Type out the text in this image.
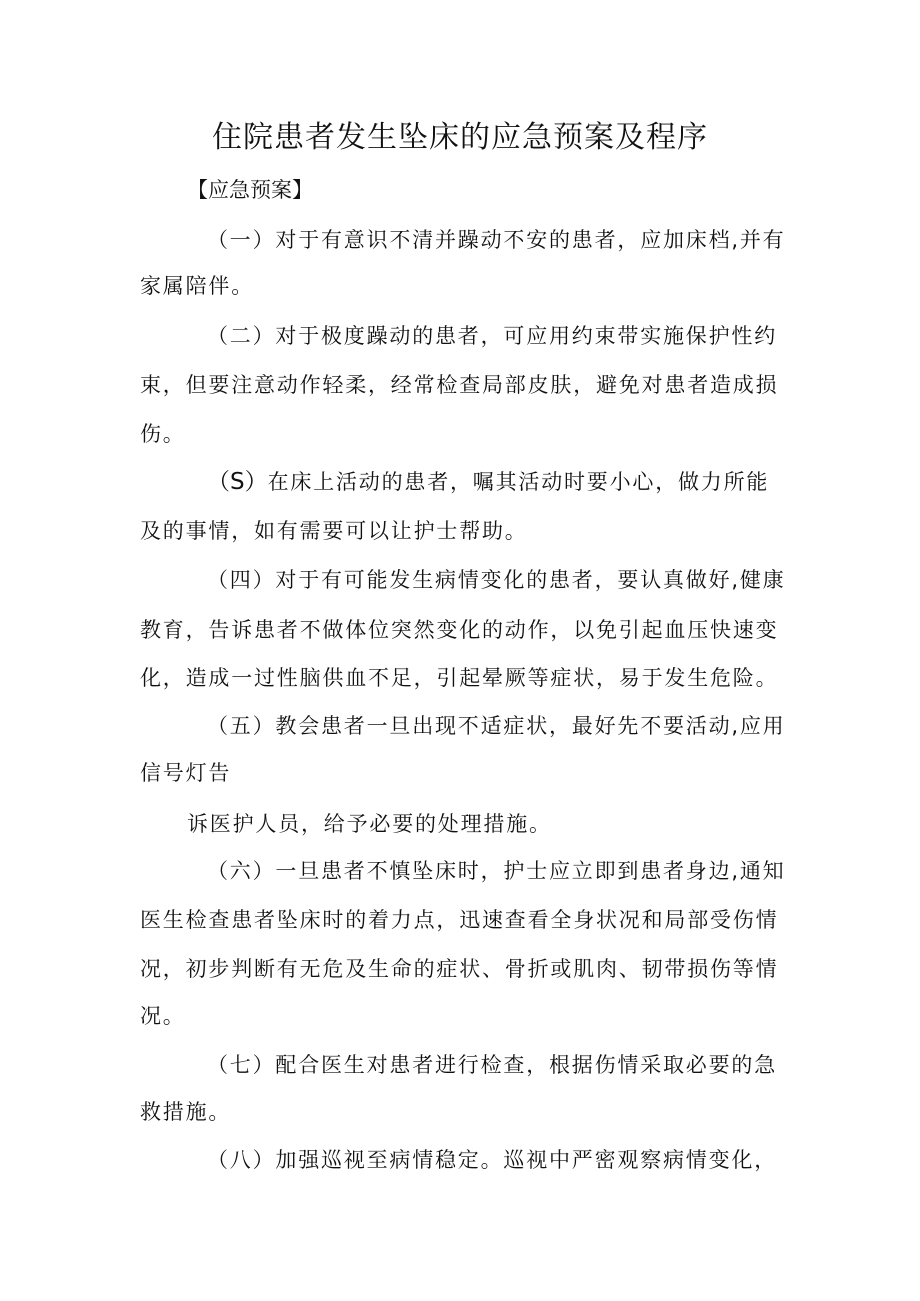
住院患者发生坠床的应急预案及程序
【应急预案】
（一）对于有意识不清并躁动不安的患者，应加床档,并有
家属陪伴。
（二）对于极度躁动的患者，可应用约束带实施保护性约
束，但要注意动作轻柔，经常检查局部皮肤，避免对患者造成损
伤。
（S）在床上活动的患者，嘱其活动时要小心，做力所能
及的事情，如有需要可以让护士帮助。
（四）对于有可能发生病情变化的患者，要认真做好,健康
教育，告诉患者不做体位突然变化的动作，以免引起血压快速变
化，造成一过性脑供血不足，引起晕厥等症状，易于发生危险。
（五）教会患者一旦出现不适症状，最好先不要活动,应用
信号灯告
诉医护人员，给予必要的处理措施。
（六）一旦患者不慎坠床时，护士应立即到患者身边,通知
医生检查患者坠床时的着力点，迅速查看全身状况和局部受伤情
况，初步判断有无危及生命的症状、骨折或肌肉、韧带损伤等情
况。
（七）配合医生对患者进行检查，根据伤情采取必要的急
救措施。
（八）加强巡视至病情稳定。巡视中严密观察病情变化，
